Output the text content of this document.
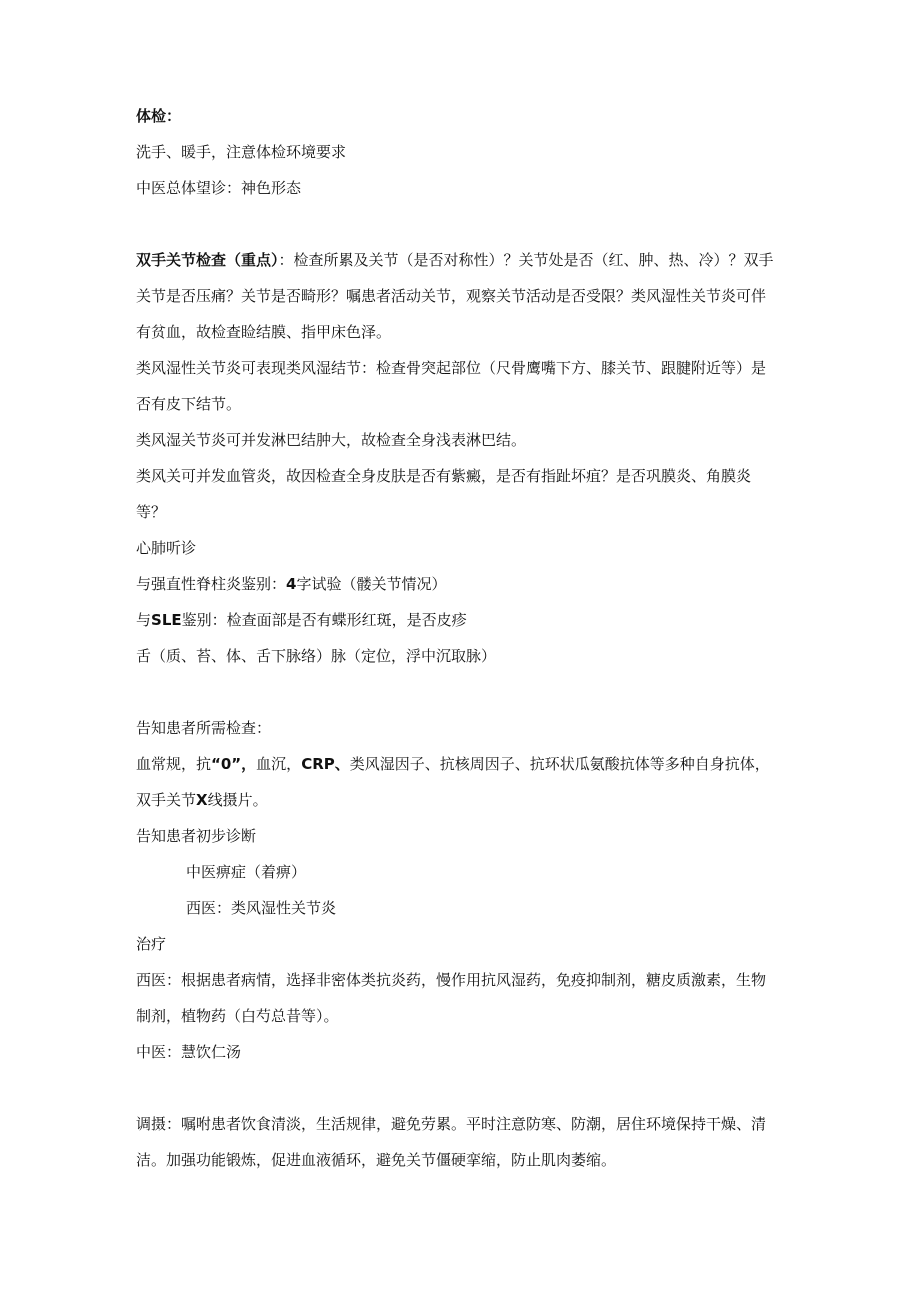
体检：

洗手、暖手，注意体检环境要求

中医总体望诊：神色形态

双手关节检查（重点）：检查所累及关节（是否对称性）？关节处是否（红、肿、热、冷）？双手关节是否压痛？关节是否畸形？嘱患者活动关节，观察关节活动是否受限？类风湿性关节炎可伴有贫血，故检查睑结膜、指甲床色泽。

类风湿性关节炎可表现类风湿结节：检查骨突起部位（尺骨鹰嘴下方、膝关节、跟腱附近等）是否有皮下结节。

类风湿关节炎可并发淋巴结肿大，故检查全身浅表淋巴结。

类风关可并发血管炎，故因检查全身皮肤是否有紫癜，是否有指趾坏疽？是否巩膜炎、角膜炎等？

心肺听诊

与强直性脊柱炎鉴别：4字试验（髅关节情况）

与SLE鉴别：检查面部是否有蝶形红斑，是否皮疹

舌（质、苔、体、舌下脉络）脉（定位，浮中沉取脉）

告知患者所需检查：

血常规，抗“0”，血沉，CRP、类风湿因子、抗核周因子、抗环状瓜氨酸抗体等多种自身抗体，双手关节X线摄片。

告知患者初步诊断

中医痹症（着痹）

西医：类风湿性关节炎

治疗

西医：根据患者病情，选择非密体类抗炎药，慢作用抗风湿药，免疫抑制剂，糖皮质激素，生物制剂，植物药（白芍总昔等）。

中医：慧饮仁汤

调摄：嘱咐患者饮食清淡，生活规律，避免劳累。平时注意防寒、防潮，居住环境保持干燥、清洁。加强功能锻炼，促进血液循环，避免关节僵硬挛缩，防止肌肉萎缩。
